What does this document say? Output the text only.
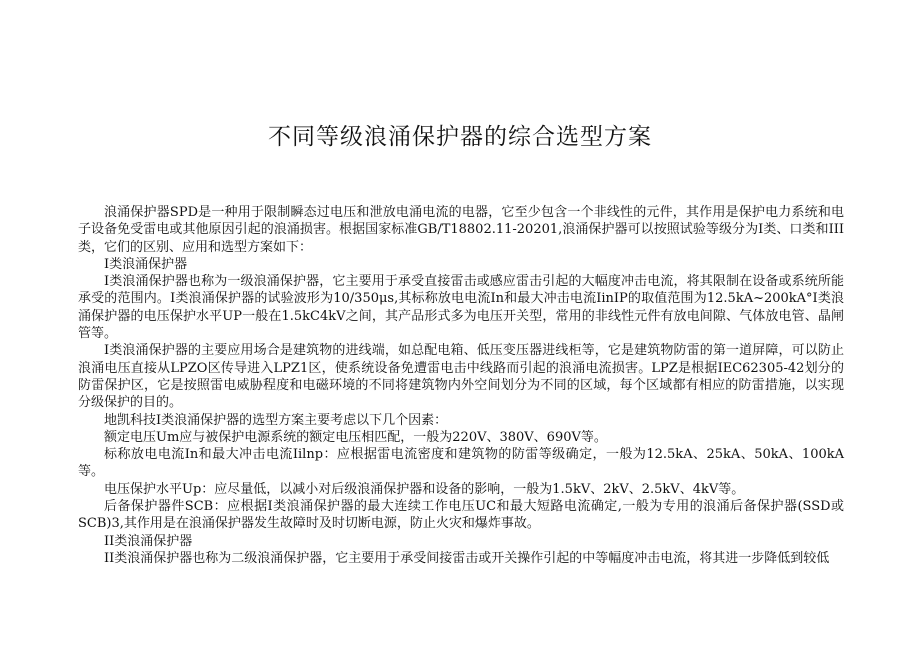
不同等级浪涌保护器的综合选型方案

浪涌保护器SPD是一种用于限制瞬态过电压和泄放电涌电流的电器，它至少包含一个非线性的元件，其作用是保护电力系统和电子设备免受雷电或其他原因引起的浪涌损害。根据国家标准GB/T18802.11-20201,浪涌保护器可以按照试验等级分为I类、口类和III类，它们的区别、应用和选型方案如下：

I类浪涌保护器

I类浪涌保护器也称为一级浪涌保护器，它主要用于承受直接雷击或感应雷击引起的大幅度冲击电流，将其限制在设备或系统所能承受的范围内。I类浪涌保护器的试验波形为10/350μs,其标称放电电流In和最大冲击电流IinIP的取值范围为12.5kA~200kA°I类浪涌保护器的电压保护水平UP一般在1.5kC4kV之间，其产品形式多为电压开关型，常用的非线性元件有放电间隙、气体放电管、晶闸管等。

I类浪涌保护器的主要应用场合是建筑物的进线端，如总配电箱、低压变压器进线柜等，它是建筑物防雷的第一道屏障，可以防止浪涌电压直接从LPZO区传导进入LPZ1区，使系统设备免遭雷电击中线路而引起的浪涌电流损害。LPZ是根据IEC62305-42划分的防雷保护区，它是按照雷电威胁程度和电磁环境的不同将建筑物内外空间划分为不同的区域，每个区域都有相应的防雷措施，以实现分级保护的目的。

地凯科技I类浪涌保护器的选型方案主要考虑以下几个因素：

额定电压Um应与被保护电源系统的额定电压相匹配，一般为220V、380V、690V等。

标称放电电流In和最大冲击电流Iilnp：应根据雷电流密度和建筑物的防雷等级确定，一般为12.5kA、25kA、50kA、100kA等。

电压保护水平Up：应尽量低，以减小对后级浪涌保护器和设备的影响，一般为1.5kV、2kV、2.5kV、4kV等。

后备保护器件SCB：应根据I类浪涌保护器的最大连续工作电压UC和最大短路电流确定,一般为专用的浪涌后备保护器(SSD或SCB)3,其作用是在浪涌保护器发生故障时及时切断电源，防止火灾和爆炸事故。

II类浪涌保护器

II类浪涌保护器也称为二级浪涌保护器，它主要用于承受间接雷击或开关操作引起的中等幅度冲击电流，将其进一步降低到较低
